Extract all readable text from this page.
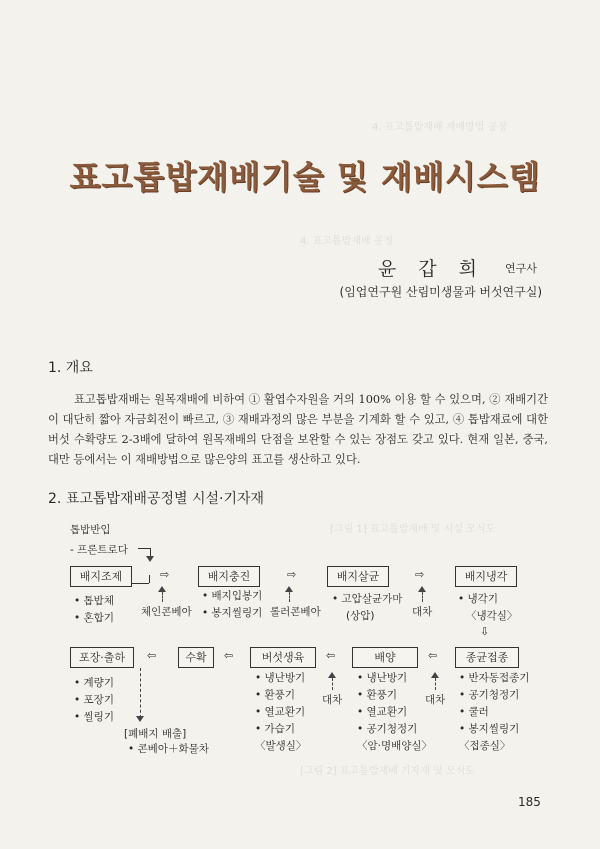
4. 표고톱밥재배 재배방법 공정
4. 표고톱밥재배 공정
[그림 1] 표고톱밥재배 및 시설 모식도
[그림 2] 표고톱밥재배 기자재 및 모식도
표고톱밥재배기술 및 재배시스템
윤 갑 희 연구사
(임업연구원 산림미생물과 버섯연구실)
1. 개요
표고톱밥재배는 원목재배에 비하여 ① 활엽수자원을 거의 100% 이용 할 수 있으며, ② 재배기간이 대단히 짧아 자금회전이 빠르고, ③ 재배과정의 많은 부분을 기계화 할 수 있고, ④ 톱밥재료에 대한 버섯 수확량도 2-3배에 달하여 원목재배의 단점을 보완할 수 있는 장점도 갖고 있다. 현재 일본, 중국, 대만 등에서는 이 재배방법으로 많은양의 표고를 생산하고 있다.
2. 표고톱밥재배공정별 시설·기자재
톱밥반입
- 프론트로다
배지조제	배지충진	배지살균	배지냉각
⇨	⇨	⇨
• 톱밥체
• 혼합기
• 배지입봉기
• 봉지씰링기
• 고압살균가마
(상압)
• 냉각기
〈냉각실〉
체인콘베아	롤러콘베아	대차
⇩
포장·출하	수확	버섯생육	배양	종균접종
⇦	⇦	⇦	⇦
• 계량기
• 포장기
• 씰링기
• 냉난방기
• 환풍기
• 열교환기
• 가습기
〈발생실〉
• 냉난방기
• 환풍기
• 열교환기
• 공기청정기
〈암·명배양실〉
• 반자동접종기
• 공기청정기
• 쿨러
• 봉지씰링기
〈접종실〉
대차	대차
[폐배지 배출]
• 콘베아＋화물차
185
